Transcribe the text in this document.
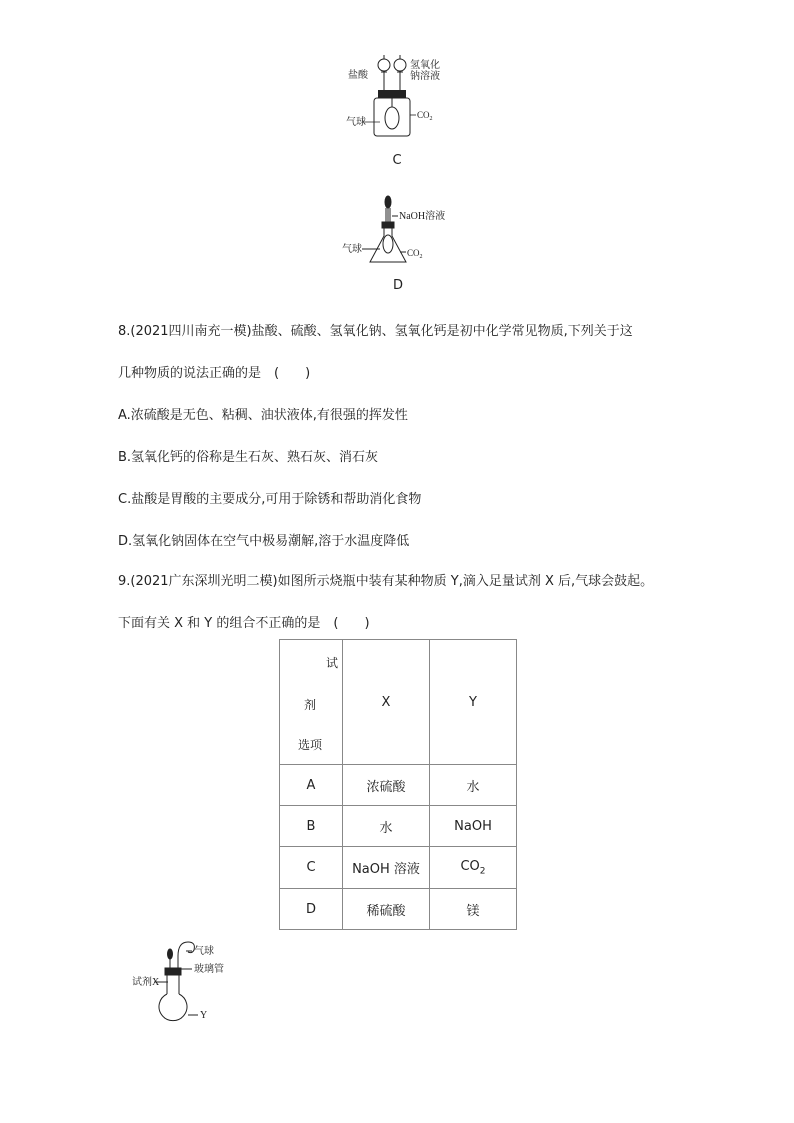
盐酸
氢氧化
钠溶液
气球
$CO_2$
C
NaOH溶液
气球	$CO_2$
D
8.(2021四川南充一模)盐酸、硫酸、氢氧化钠、氢氧化钙是初中化学常见物质,下列关于这
几种物质的说法正确的是　(　　)
A.浓硫酸是无色、粘稠、油状液体,有很强的挥发性
B.氢氧化钙的俗称是生石灰、熟石灰、消石灰
C.盐酸是胃酸的主要成分,可用于除锈和帮助消化食物
D.氢氧化钠固体在空气中极易潮解,溶于水温度降低
9.(2021广东深圳光明二模)如图所示烧瓶中装有某种物质 Y,滴入足量试剂 X 后,气球会鼓起。
下面有关 X 和 Y 的组合不正确的是　(　　)
试
剂
选项	X	Y
A	浓硫酸	水
B	水	NaOH
C	NaOH 溶液	$CO_2$
D	稀硫酸	镁
气球
玻璃管
试剂X
Y
